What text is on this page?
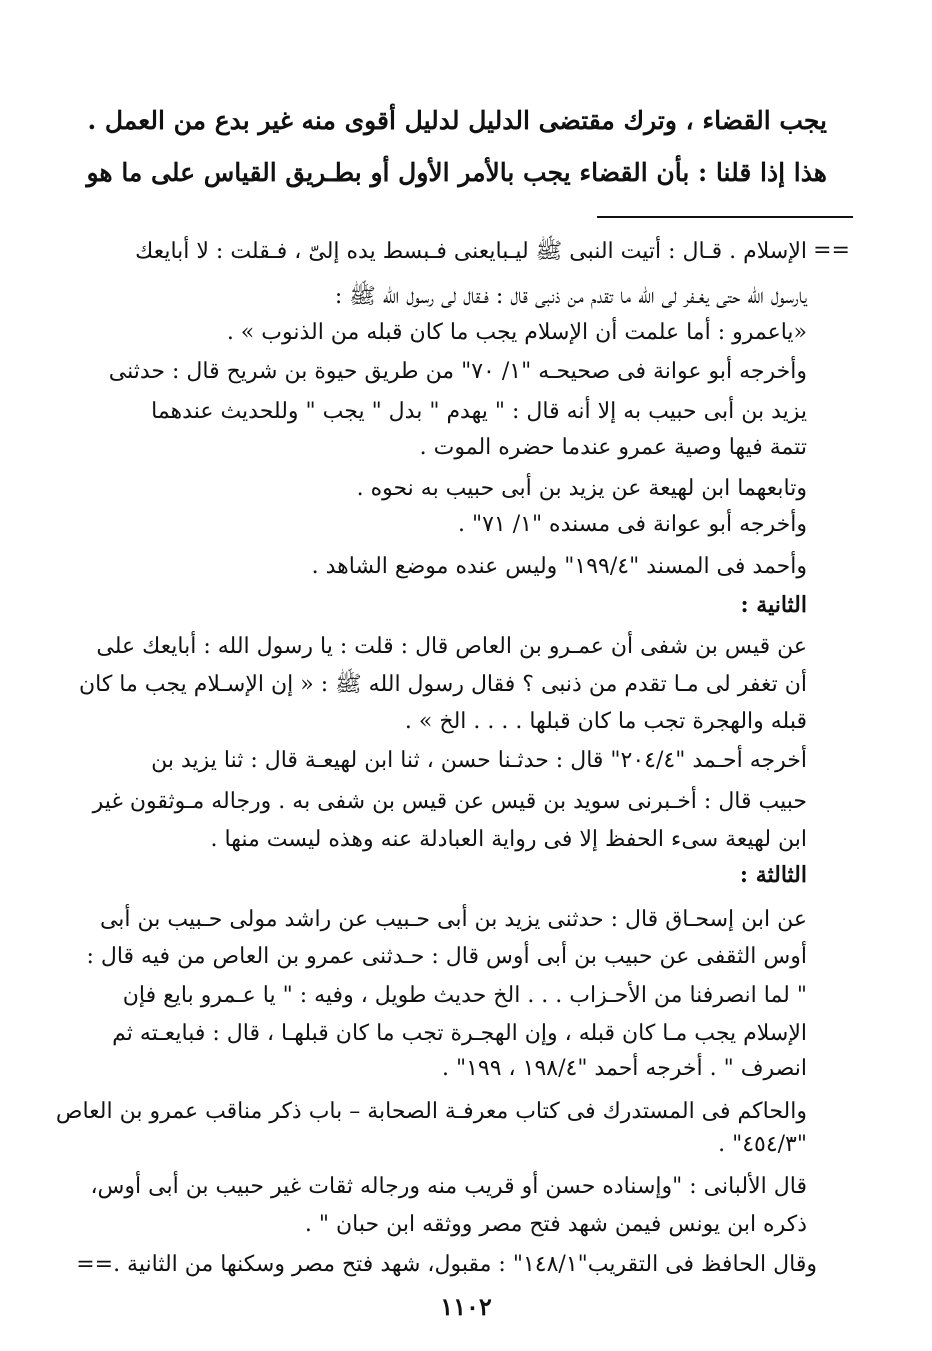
يجب القضاء ، وترك مقتضى الدليل لدليل أقوى منه غير بدع من العمل .
هذا إذا قلنا : بأن القضاء يجب بالأمر الأول أو بطـريق القياس على ما هو
==
الإسلام . قـال : أتيت النبى ﷺ ليـبايعنى فـبسط يده إلىّ ، فـقلت : لا أبايعك
يارسول الله حتى يغـفر لى الله ما تقدم من ذنبى قال : فـقال لى رسول الله ﷺ :
«ياعمرو : أما علمت أن الإسلام يجب ما كان قبله من الذنوب » .
وأخرجه أبو عوانة فى صحيحـه "١/ ٧٠" من طريق حيوة بن شريح قال : حدثنى
يزيد بن أبى حبيب به إلا أنه قال : " يهدم " بدل " يجب " وللحديث عندهما
تتمة فيها وصية عمرو عندما حضره الموت .
وتابعهما ابن لهيعة عن يزيد بن أبى حبيب به نحوه .
وأخرجه أبو عوانة فى مسنده "١/ ٧١" .
وأحمد فى المسند "١٩٩/٤" وليس عنده موضع الشاهد .
الثانية :
عن قيس بن شفى أن عمـرو بن العاص قال : قلت : يا رسول الله : أبايعك على
أن تغفر لى مـا تقدم من ذنبى ؟ فقال رسول الله ﷺ : « إن الإسـلام يجب ما كان
قبله والهجرة تجب ما كان قبلها . . . . الخ » .
أخرجه أحـمد "٢٠٤/٤" قال : حدثـنا حسن ، ثنا ابن لهيعـة قال : ثنا يزيد بن
حبيب قال : أخـبرنى سويد بن قيس عن قيس بن شفى به . ورجاله مـوثقون غير
ابن لهيعة سىء الحفظ إلا فى رواية العبادلة عنه وهذه ليست منها .
الثالثة :
عن ابن إسحـاق قال : حدثنى يزيد بن أبى حـبيب عن راشد مولى حـبيب بن أبى
أوس الثقفى عن حبيب بن أبى أوس قال : حـدثنى عمرو بن العاص من فيه قال :
" لما انصرفنا من الأحـزاب . . . الخ حديث طويل ، وفيه : " يا عـمرو بايع فإن
الإسلام يجب مـا كان قبله ، وإن الهجـرة تجب ما كان قبلهـا ، قال : فبايعـته ثم
انصرف " . أخرجه أحمد "١٩٨/٤ ، ١٩٩" .
والحاكم فى المستدرك فى كتاب معرفـة الصحابة – باب ذكر مناقب عمرو بن العاص
"٤٥٤/٣" .
قال الألبانى : "وإسناده حسن أو قريب منه ورجاله ثقات غير حبيب بن أبى أوس،
ذكره ابن يونس فيمن شهد فتح مصر ووثقه ابن حبان " .
وقال الحافظ فى التقريب"١٤٨/١" : مقبول، شهد فتح مصر وسكنها من الثانية .==
١١٠٢
